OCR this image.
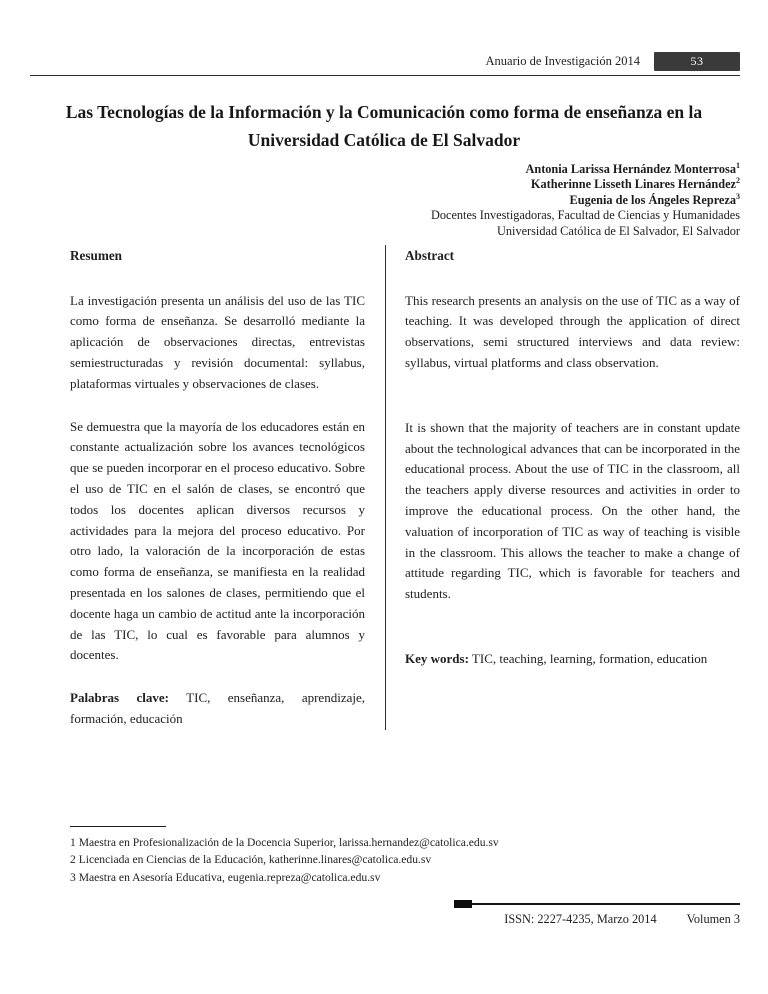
Anuario de Investigación 2014	53
Las Tecnologías de la Información y la Comunicación como forma de enseñanza en la Universidad Católica de El Salvador
Antonia Larissa Hernández Monterrosa$^1$
Katherinne Lisseth Linares Hernández$^2$
Eugenia de los Ángeles Repreza$^3$
Docentes Investigadoras, Facultad de Ciencias y Humanidades
Universidad Católica de El Salvador, El Salvador
Resumen

La investigación presenta un análisis del uso de las TIC como forma de enseñanza. Se desarrolló mediante la aplicación de observaciones directas, entrevistas semiestructuradas y revisión documental: syllabus, plataformas virtuales y observaciones de clases.

Se demuestra que la mayoría de los educadores están en constante actualización sobre los avances tecnológicos que se pueden incorporar en el proceso educativo. Sobre el uso de TIC en el salón de clases, se encontró que todos los docentes aplican diversos recursos y actividades para la mejora del proceso educativo. Por otro lado, la valoración de la incorporación de estas como forma de enseñanza, se manifiesta en la realidad presentada en los salones de clases, permitiendo que el docente haga un cambio de actitud ante la incorporación de las TIC, lo cual es favorable para alumnos y docentes.

Palabras clave: TIC, enseñanza, aprendizaje, formación, educación

Abstract

This research presents an analysis on the use of TIC as a way of teaching. It was developed through the application of direct observations, semi structured interviews and data review: syllabus, virtual platforms and class observation.

It is shown that the majority of teachers are in constant update about the technological advances that can be incorporated in the educational process. About the use of TIC in the classroom, all the teachers apply diverse resources and activities in order to improve the educational process. On the other hand, the valuation of incorporation of TIC as way of teaching is visible in the classroom. This allows the teacher to make a change of attitude regarding TIC, which is favorable for teachers and students.

Key words: TIC, teaching, learning, formation, education

1 Maestra en Profesionalización de la Docencia Superior, larissa.hernandez@catolica.edu.sv
2 Licenciada en Ciencias de la Educación, katherinne.linares@catolica.edu.sv
3 Maestra en Asesoría Educativa, eugenia.repreza@catolica.edu.sv
ISSN: 2227-4235, Marzo 2014 Volumen 3
